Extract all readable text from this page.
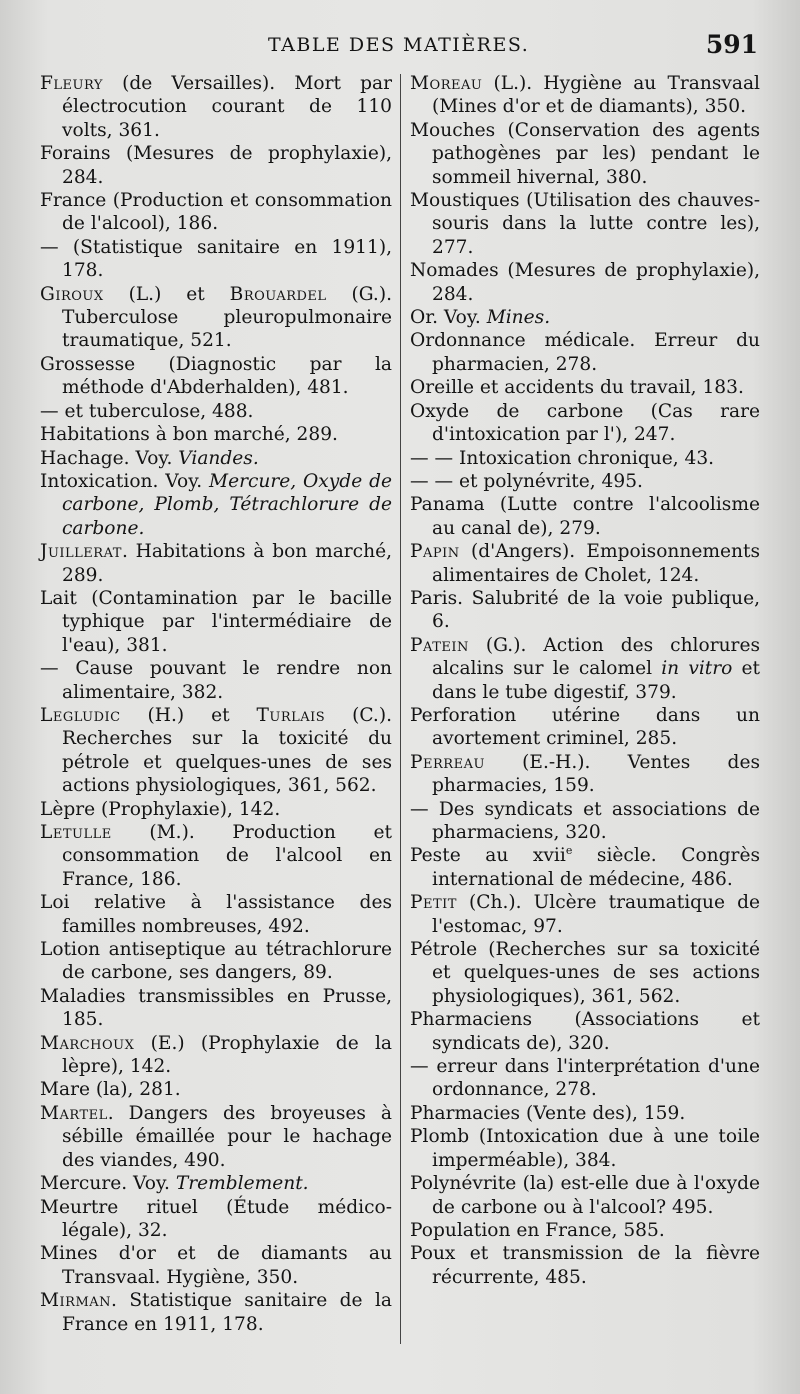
TABLE DES MATIÈRES.	591

Fleury (de Versailles). Mort par électrocution courant de 110 volts, 361.

Forains (Mesures de prophylaxie), 284.

France (Production et consommation de l'alcool), 186.

— (Statistique sanitaire en 1911), 178.

Giroux (L.) et Brouardel (G.). Tuberculose pleuropulmonaire traumatique, 521.

Grossesse (Diagnostic par la méthode d'Abderhalden), 481.

— et tuberculose, 488.

Habitations à bon marché, 289.

Hachage. Voy. Viandes.

Intoxication. Voy. Mercure, Oxyde de carbone, Plomb, Tétrachlorure de carbone.

Juillerat. Habitations à bon marché, 289.

Lait (Contamination par le bacille typhique par l'intermédiaire de l'eau), 381.

— Cause pouvant le rendre non alimentaire, 382.

Legludic (H.) et Turlais (C.). Recherches sur la toxicité du pétrole et quelques-unes de ses actions physiologiques, 361, 562.

Lèpre (Prophylaxie), 142.

Letulle (M.). Production et consommation de l'alcool en France, 186.

Loi relative à l'assistance des familles nombreuses, 492.

Lotion antiseptique au tétrachlorure de carbone, ses dangers, 89.

Maladies transmissibles en Prusse, 185.

Marchoux (E.) (Prophylaxie de la lèpre), 142.

Mare (la), 281.

Martel. Dangers des broyeuses à sébille émaillée pour le hachage des viandes, 490.

Mercure. Voy. Tremblement.

Meurtre rituel (Étude médico-légale), 32.

Mines d'or et de diamants au Transvaal. Hygiène, 350.

Mirman. Statistique sanitaire de la France en 1911, 178.

Moreau (L.). Hygiène au Transvaal (Mines d'or et de diamants), 350.

Mouches (Conservation des agents pathogènes par les) pendant le sommeil hivernal, 380.

Moustiques (Utilisation des chauves-souris dans la lutte contre les), 277.

Nomades (Mesures de prophylaxie), 284.

Or. Voy. Mines.

Ordonnance médicale. Erreur du pharmacien, 278.

Oreille et accidents du travail, 183.

Oxyde de carbone (Cas rare d'intoxication par l'), 247.

— — Intoxication chronique, 43.

— — et polynévrite, 495.

Panama (Lutte contre l'alcoolisme au canal de), 279.

Papin (d'Angers). Empoisonnements alimentaires de Cholet, 124.

Paris. Salubrité de la voie publique, 6.

Patein (G.). Action des chlorures alcalins sur le calomel in vitro et dans le tube digestif, 379.

Perforation utérine dans un avortement criminel, 285.

Perreau (E.-H.). Ventes des pharmacies, 159.

— Des syndicats et associations de pharmaciens, 320.

Peste au xvii$^e$ siècle. Congrès international de médecine, 486.

Petit (Ch.). Ulcère traumatique de l'estomac, 97.

Pétrole (Recherches sur sa toxicité et quelques-unes de ses actions physiologiques), 361, 562.

Pharmaciens (Associations et syndicats de), 320.

— erreur dans l'interprétation d'une ordonnance, 278.

Pharmacies (Vente des), 159.

Plomb (Intoxication due à une toile imperméable), 384.

Polynévrite (la) est-elle due à l'oxyde de carbone ou à l'alcool? 495.

Population en France, 585.

Poux et transmission de la fièvre récurrente, 485.
